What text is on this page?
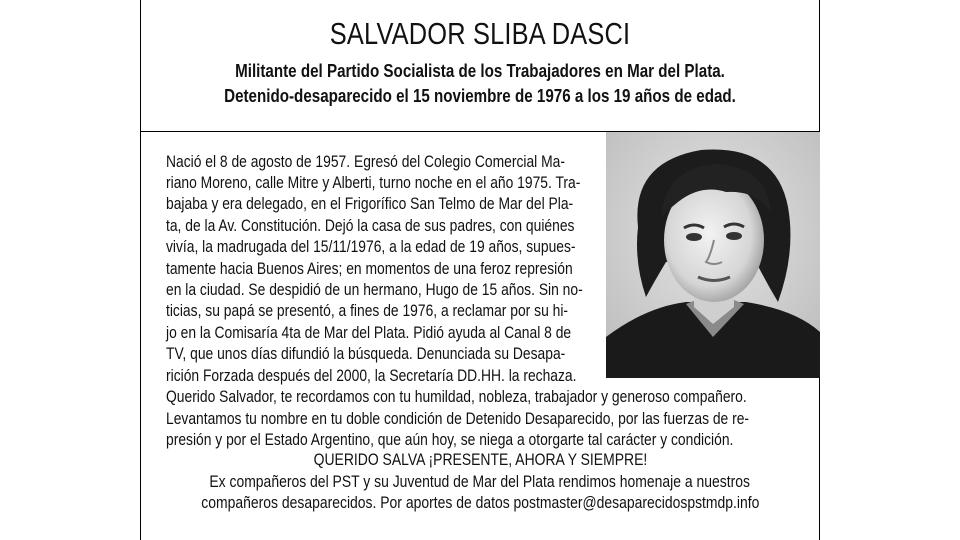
SALVADOR SLIBA DASCI
Militante del Partido Socialista de los Trabajadores en Mar del Plata.
Detenido-desaparecido el 15 noviembre de 1976 a los 19 años de edad.
Nació el 8 de agosto de 1957. Egresó del Colegio Comercial Ma-
riano Moreno, calle Mitre y Alberti, turno noche en el año 1975. Tra-
bajaba y era delegado, en el Frigorífico San Telmo de Mar del Pla-
ta, de la Av. Constitución. Dejó la casa de sus padres, con quiénes
vivía, la madrugada del 15/11/1976, a la edad de 19 años, supues-
tamente hacia Buenos Aires; en momentos de una feroz represión
en la ciudad. Se despidió de un hermano, Hugo de 15 años. Sin no-
ticias, su papá se presentó, a fines de 1976, a reclamar por su hi-
jo en la Comisaría 4ta de Mar del Plata. Pidió ayuda al Canal 8 de
TV, que unos días difundió la búsqueda. Denunciada su Desapa-
rición Forzada después del 2000, la Secretaría DD.HH. la rechaza.
Querido Salvador, te recordamos con tu humildad, nobleza, trabajador y generoso compañero.
Levantamos tu nombre en tu doble condición de Detenido Desaparecido, por las fuerzas de re-
presión y por el Estado Argentino, que aún hoy, se niega a otorgarte tal carácter y condición.
QUERIDO SALVA ¡PRESENTE, AHORA Y SIEMPRE!
Ex compañeros del PST y su Juventud de Mar del Plata rendimos homenaje a nuestros
compañeros desaparecidos. Por aportes de datos postmaster@desaparecidospstmdp.info
